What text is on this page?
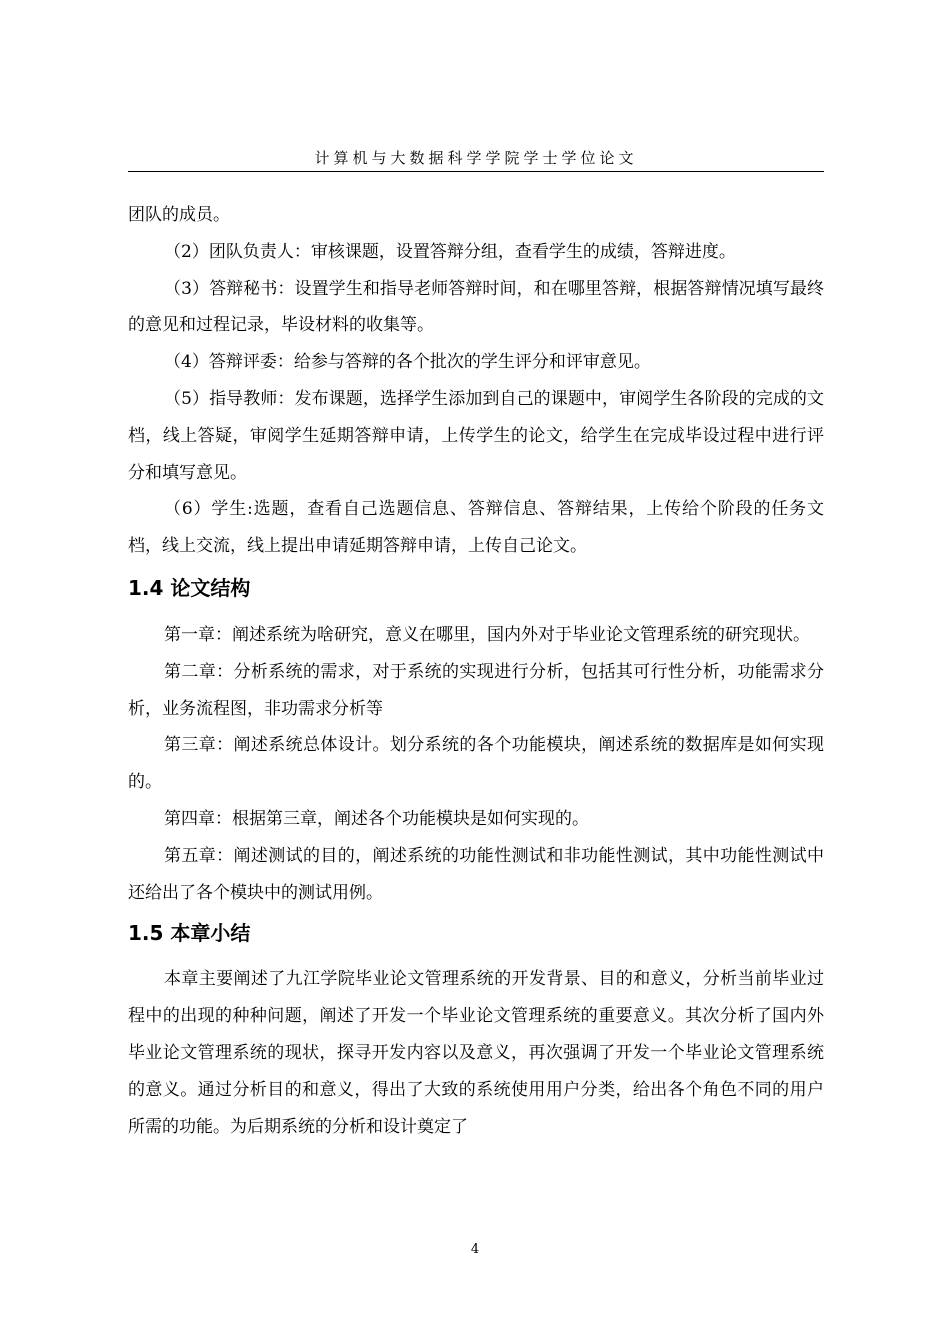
计算机与大数据科学学院学士学位论文

团队的成员。

（2）团队负责人：审核课题，设置答辩分组，查看学生的成绩，答辩进度。

（3）答辩秘书：设置学生和指导老师答辩时间，和在哪里答辩，根据答辩情况填写最终的意见和过程记录，毕设材料的收集等。

（4）答辩评委：给参与答辩的各个批次的学生评分和评审意见。

（5）指导教师：发布课题，选择学生添加到自己的课题中，审阅学生各阶段的完成的文档，线上答疑，审阅学生延期答辩申请，上传学生的论文，给学生在完成毕设过程中进行评分和填写意见。

（6）学生:选题，查看自己选题信息、答辩信息、答辩结果，上传给个阶段的任务文档，线上交流，线上提出申请延期答辩申请，上传自己论文。

1.4 论文结构

第一章：阐述系统为啥研究，意义在哪里，国内外对于毕业论文管理系统的研究现状。

第二章：分析系统的需求，对于系统的实现进行分析，包括其可行性分析，功能需求分析，业务流程图，非功需求分析等

第三章：阐述系统总体设计。划分系统的各个功能模块，阐述系统的数据库是如何实现的。

第四章：根据第三章，阐述各个功能模块是如何实现的。

第五章：阐述测试的目的，阐述系统的功能性测试和非功能性测试，其中功能性测试中还给出了各个模块中的测试用例。

1.5 本章小结

本章主要阐述了九江学院毕业论文管理系统的开发背景、目的和意义，分析当前毕业过程中的出现的种种问题，阐述了开发一个毕业论文管理系统的重要意义。其次分析了国内外毕业论文管理系统的现状，探寻开发内容以及意义，再次强调了开发一个毕业论文管理系统的意义。通过分析目的和意义，得出了大致的系统使用用户分类，给出各个角色不同的用户所需的功能。为后期系统的分析和设计奠定了

4
